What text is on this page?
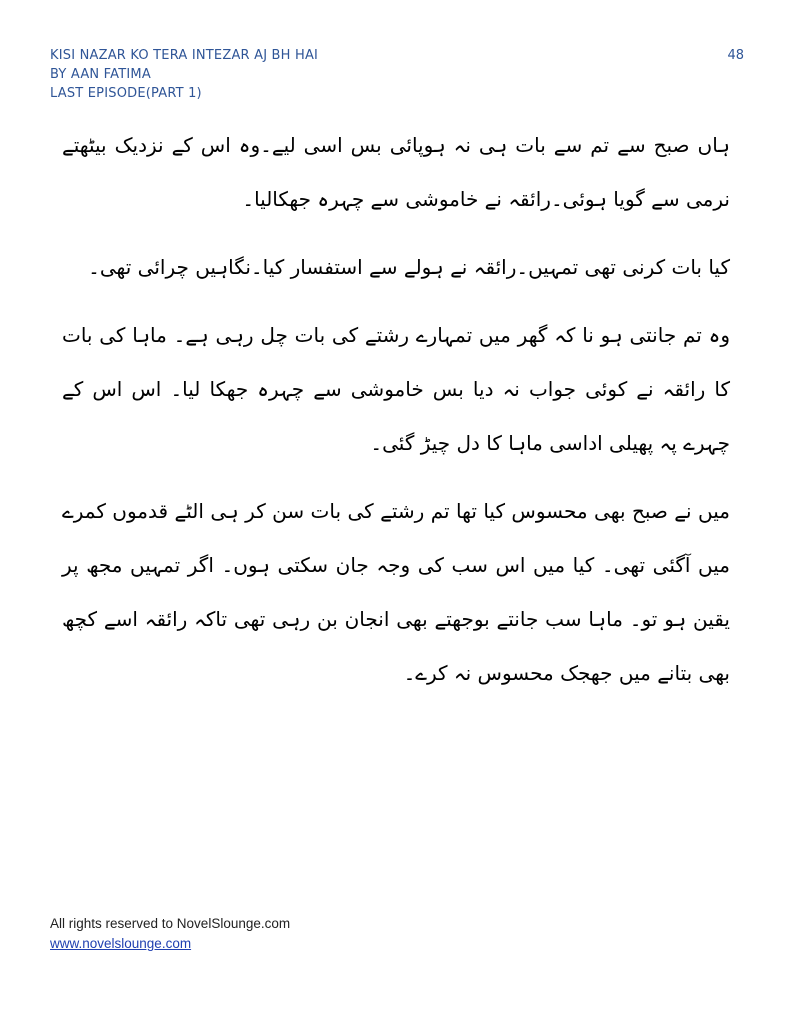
KISI NAZAR KO TERA INTEZAR AJ BH HAI
BY AAN FATIMA
LAST EPISODE(PART 1)
48

ہاں صبح سے تم سے بات ہی نہ ہوپائی بس اسی لیے۔وہ اس کے نزدیک بیٹھتے نرمی سے گویا ہوئی۔رائقہ نے خاموشی سے چہرہ جھکالیا۔

کیا بات کرنی تھی تمہیں۔رائقہ نے ہولے سے استفسار کیا۔نگاہیں چرائی تھی۔

وہ تم جانتی ہو نا کہ گھر میں تمہارے رشتے کی بات چل رہی ہے۔ ماہا کی بات کا رائقہ نے کوئی جواب نہ دیا بس خاموشی سے چہرہ جھکا لیا۔ اس اس کے چہرے پہ پھیلی اداسی ماہا کا دل چیڑ گئی۔

میں نے صبح بھی محسوس کیا تھا تم رشتے کی بات سن کر ہی الٹے قدموں کمرے میں آگئی تھی۔ کیا میں اس سب کی وجہ جان سکتی ہوں۔ اگر تمہیں مجھ پر یقین ہو تو۔ ماہا سب جانتے بوجھتے بھی انجان بن رہی تھی تاکہ رائقہ اسے کچھ بھی بتانے میں جھجک محسوس نہ کرے۔

All rights reserved to NovelSlounge.com
www.novelslounge.com
